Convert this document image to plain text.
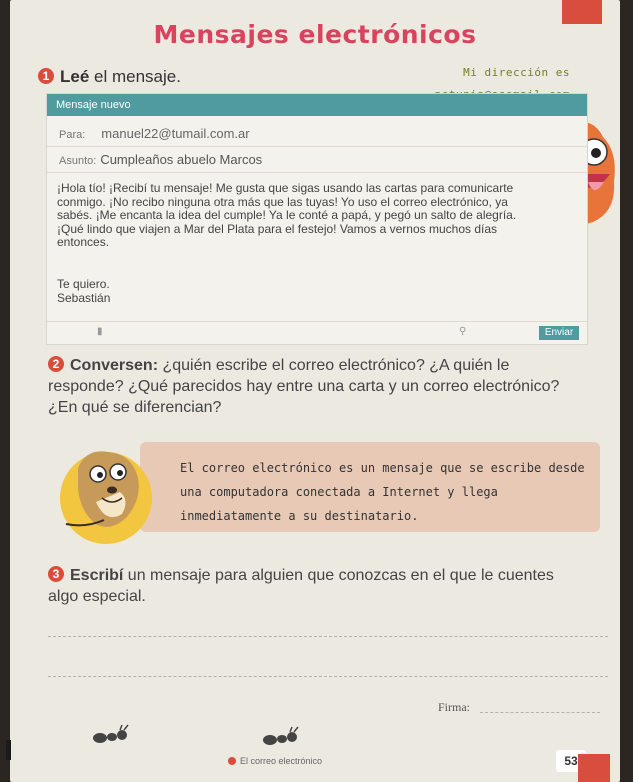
Mensajes electrónicos
1 Leé el mensaje.	Mi dirección es
Mensaje nuevo
Para: manuel22@tumail.com.ar
Asunto: Cumpleaños abuelo Marcos
¡Hola tío! ¡Recibí tu mensaje! Me gusta que sigas usando las cartas para comunicarte conmigo. ¡No recibo ninguna otra más que las tuyas! Yo uso el correo electrónico, ya sabés. ¡Me encanta la idea del cumple! Ya le conté a papá, y pegó un salto de alegría. ¡Qué lindo que viajen a Mar del Plata para el festejo! Vamos a vernos muchos días entonces.
Te quiero.
Sebastián
▮	⚲	Enviar
2 Conversen: ¿quién escribe el correo electrónico? ¿A quién le responde? ¿Qué parecidos hay entre una carta y un correo electrónico? ¿En qué se diferencian?
El correo electrónico es un mensaje que se escribe desde una computadora conectada a Internet y llega inmediatamente a su destinatario.
3 Escribí un mensaje para alguien que conozcas en el que le cuentes algo especial.
Firma:
El correo electrónico	53
